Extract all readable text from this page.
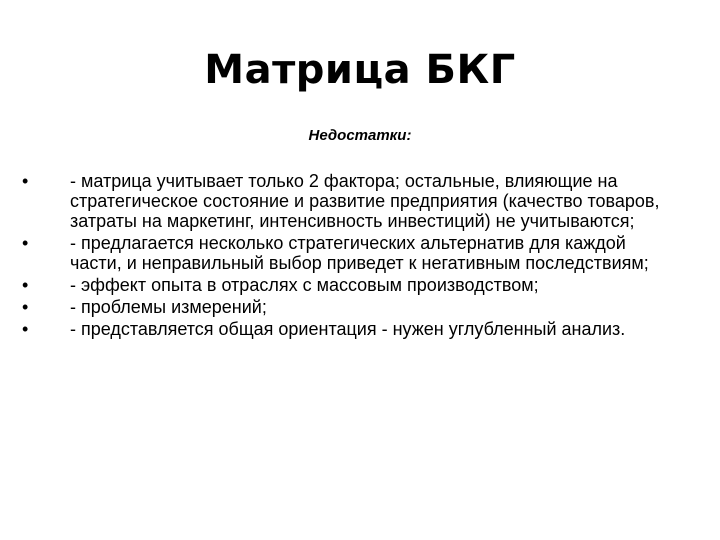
Матрица БКГ
Недостатки:
•	- матрица учитывает только 2 фактора; остальные, влияющие на стратегическое состояние и развитие предприятия (качество товаров, затраты на маркетинг, интенсивность инвестиций) не учитываются;
•	- предлагается несколько стратегических альтернатив для каждой части, и неправильный выбор приведет к негативным последствиям;
•	- эффект опыта в отраслях с массовым производством;
•	- проблемы измерений;
•	- представляется общая ориентация - нужен углубленный анализ.
